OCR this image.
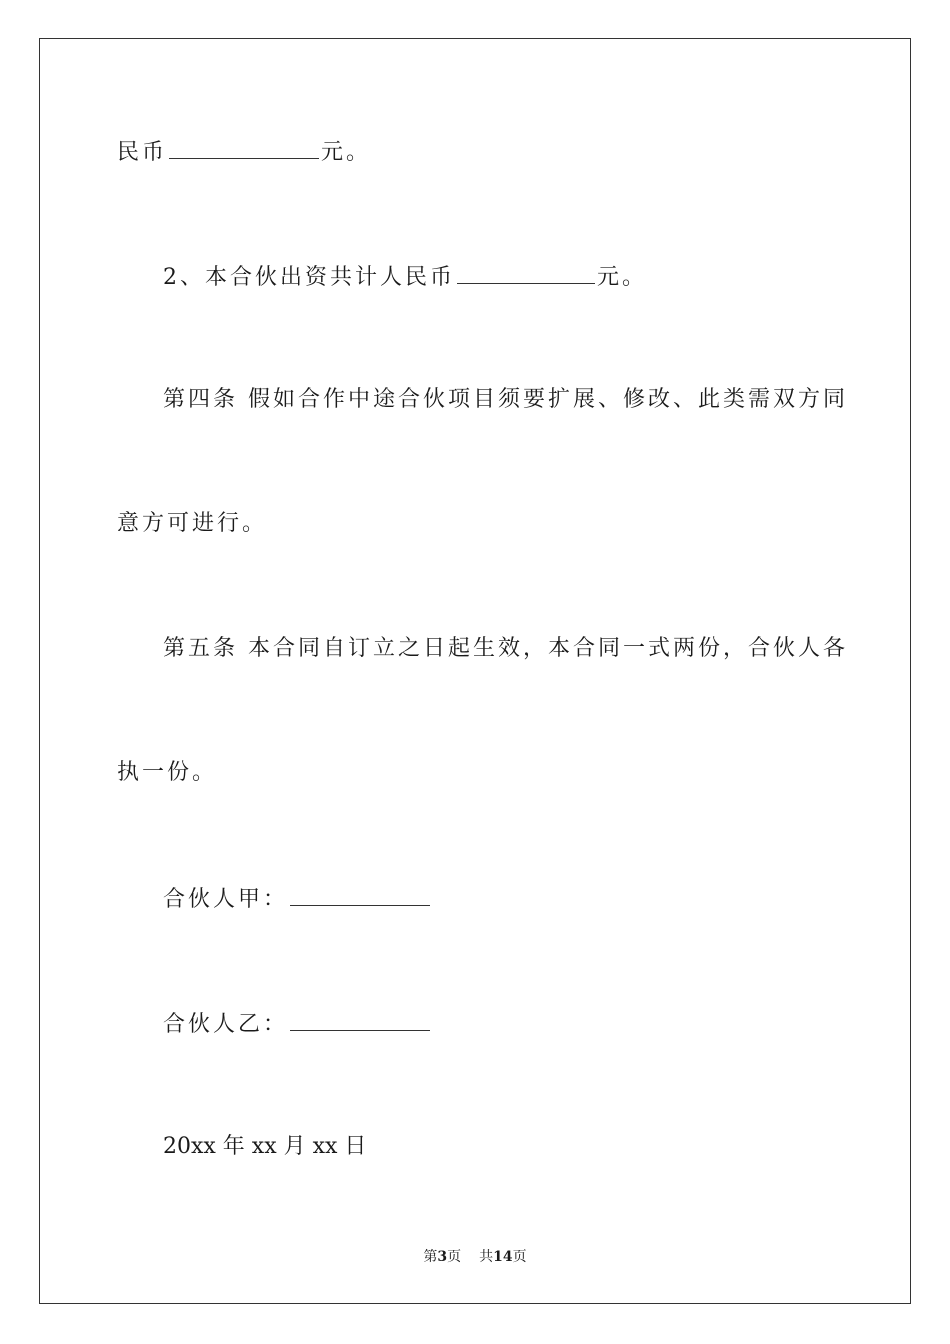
民币	元。
2、本合伙出资共计人民币	元。
第四条 假如合作中途合伙项目须要扩展、修改、此类需双方同
意方可进行。
第五条 本合同自订立之日起生效，本合同一式两份，合伙人各
执一份。
合伙人甲：
合伙人乙：
20xx 年 xx 月 xx 日
第3页 共14页
